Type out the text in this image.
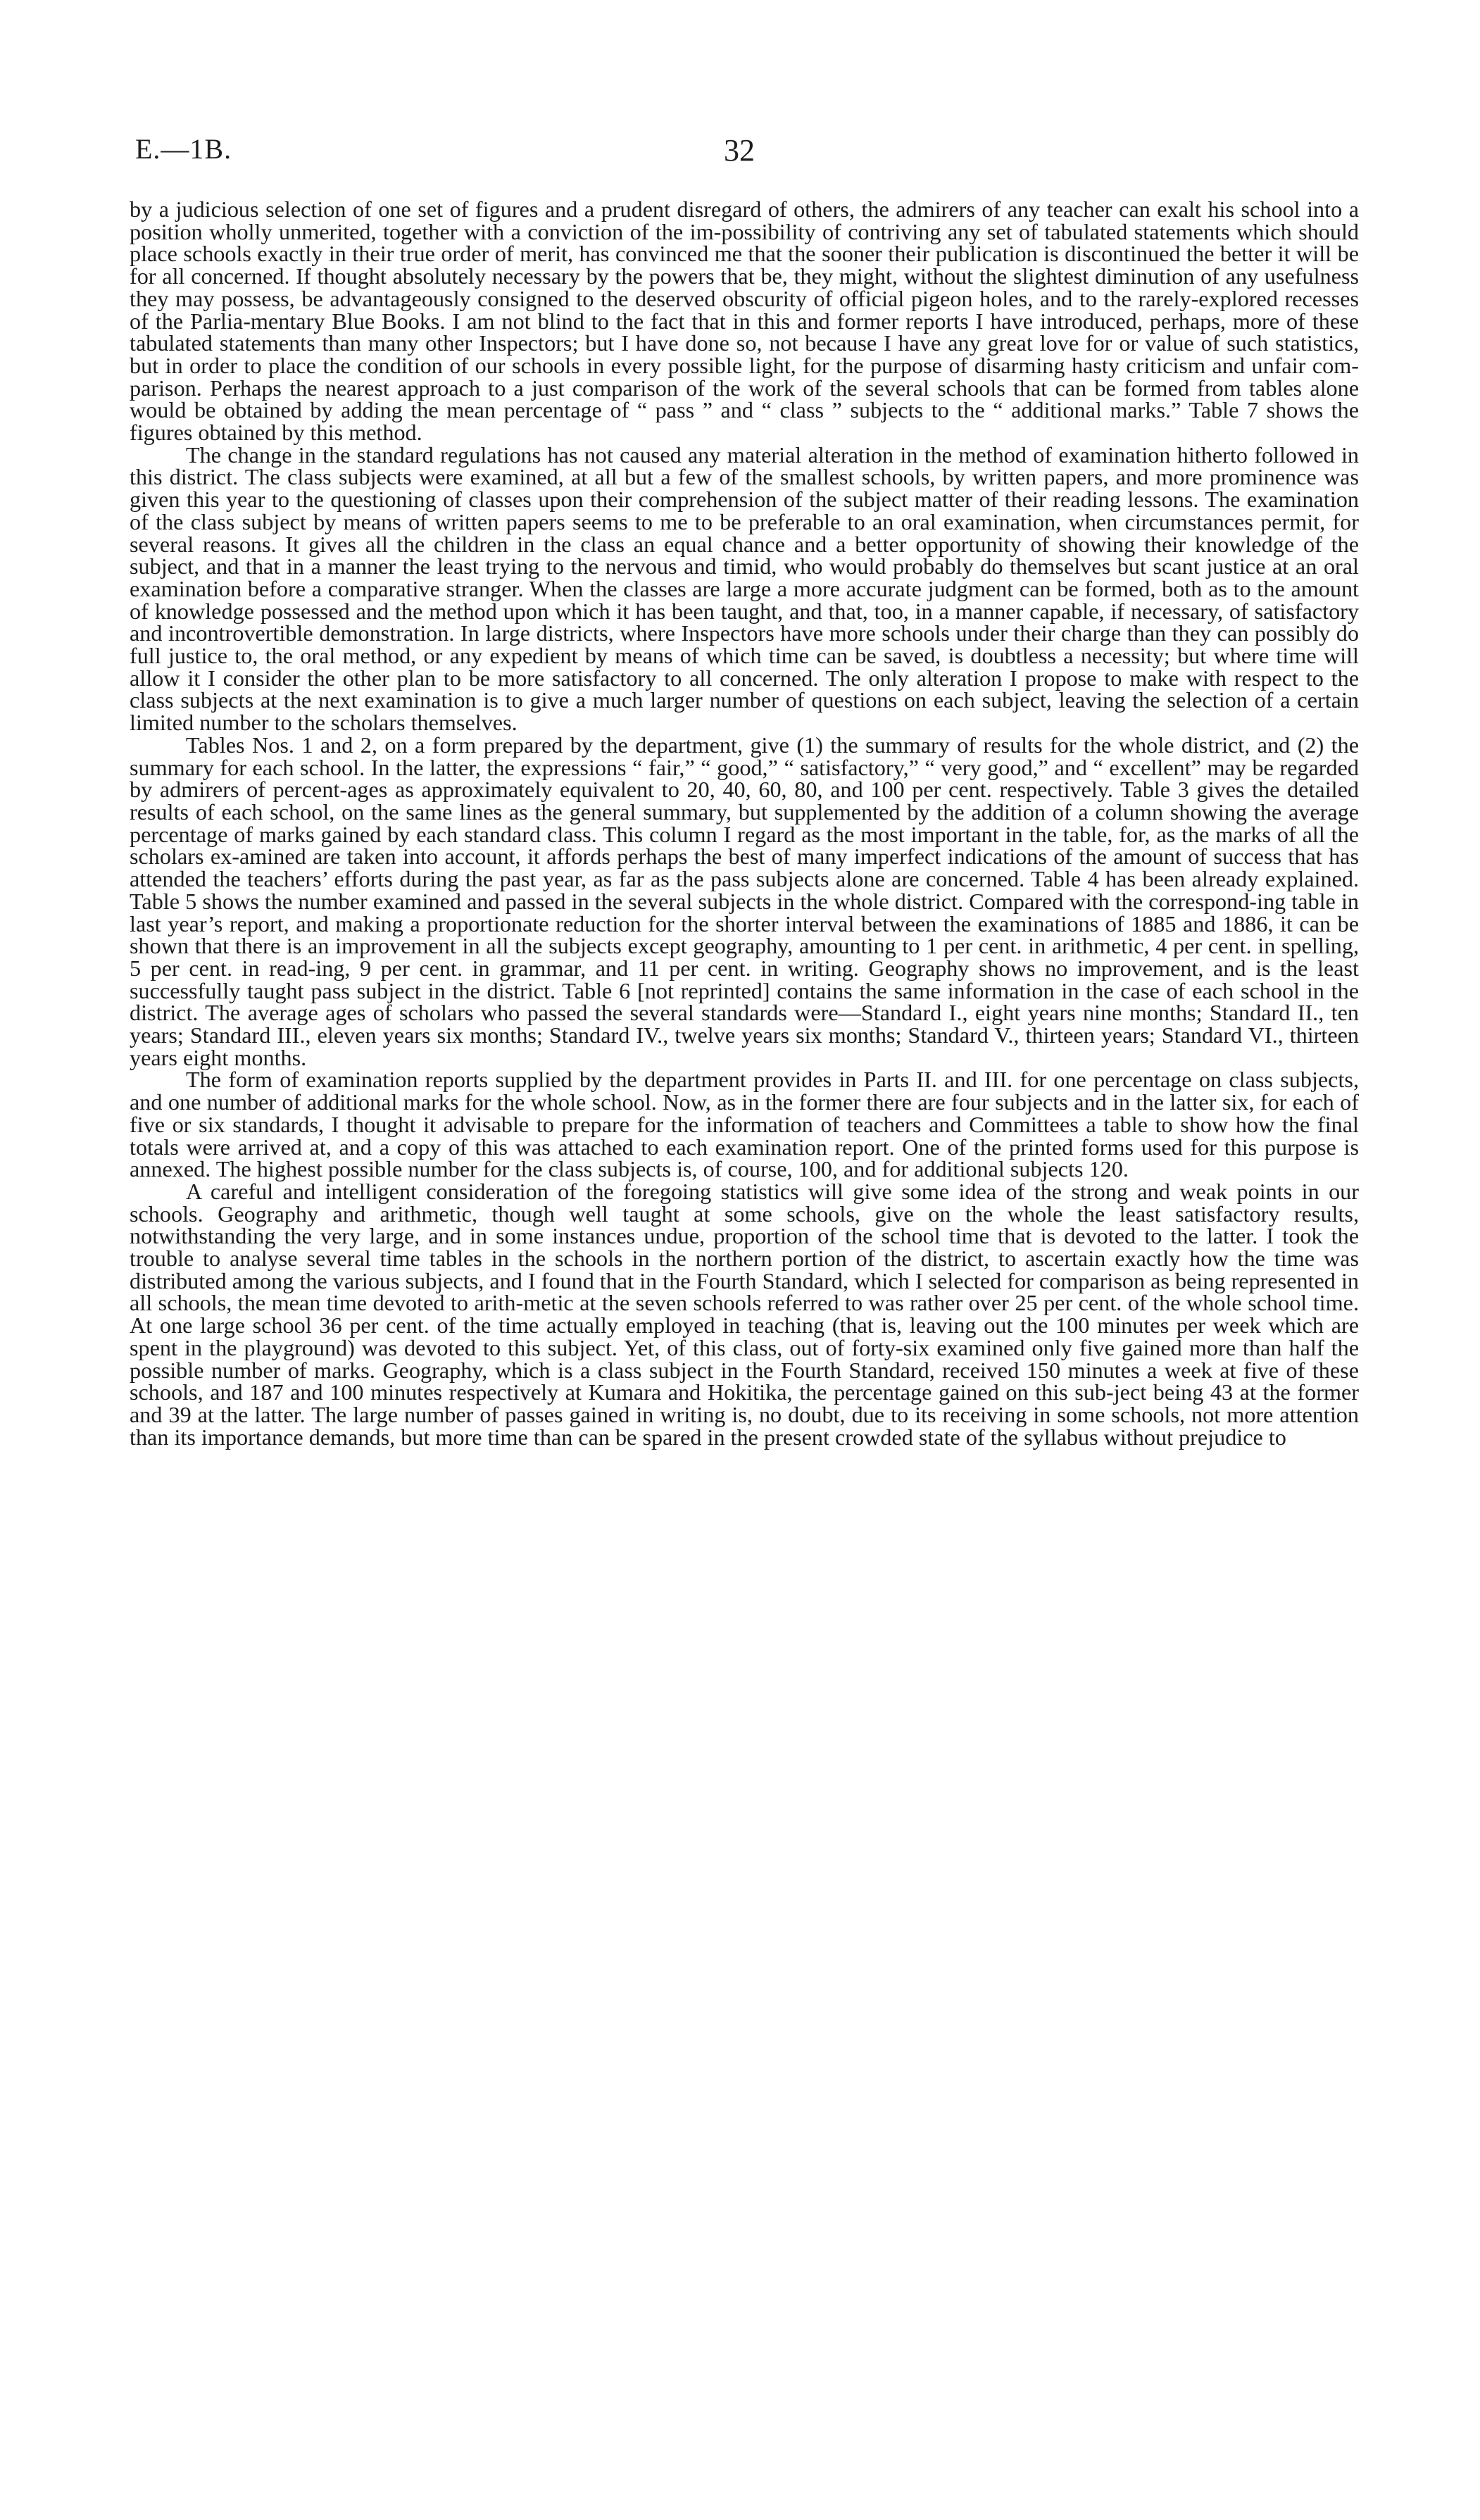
E.—1B.	32

by a judicious selection of one set of figures and a prudent disregard of others, the admirers of any teacher can exalt his school into a position wholly unmerited, together with a conviction of the im-possibility of contriving any set of tabulated statements which should place schools exactly in their true order of merit, has convinced me that the sooner their publication is discontinued the better it will be for all concerned. If thought absolutely necessary by the powers that be, they might, without the slightest diminution of any usefulness they may possess, be advantageously consigned to the deserved obscurity of official pigeon holes, and to the rarely-explored recesses of the Parlia-mentary Blue Books. I am not blind to the fact that in this and former reports I have introduced, perhaps, more of these tabulated statements than many other Inspectors; but I have done so, not because I have any great love for or value of such statistics, but in order to place the condition of our schools in every possible light, for the purpose of disarming hasty criticism and unfair com-parison. Perhaps the nearest approach to a just comparison of the work of the several schools that can be formed from tables alone would be obtained by adding the mean percentage of “ pass ” and “ class ” subjects to the “ additional marks.” Table 7 shows the figures obtained by this method.

The change in the standard regulations has not caused any material alteration in the method of examination hitherto followed in this district. The class subjects were examined, at all but a few of the smallest schools, by written papers, and more prominence was given this year to the questioning of classes upon their comprehension of the subject matter of their reading lessons. The examination of the class subject by means of written papers seems to me to be preferable to an oral examination, when circumstances permit, for several reasons. It gives all the children in the class an equal chance and a better opportunity of showing their knowledge of the subject, and that in a manner the least trying to the nervous and timid, who would probably do themselves but scant justice at an oral examination before a comparative stranger. When the classes are large a more accurate judgment can be formed, both as to the amount of knowledge possessed and the method upon which it has been taught, and that, too, in a manner capable, if necessary, of satisfactory and incontrovertible demonstration. In large districts, where Inspectors have more schools under their charge than they can possibly do full justice to, the oral method, or any expedient by means of which time can be saved, is doubtless a necessity; but where time will allow it I consider the other plan to be more satisfactory to all concerned. The only alteration I propose to make with respect to the class subjects at the next examination is to give a much larger number of questions on each subject, leaving the selection of a certain limited number to the scholars themselves.

Tables Nos. 1 and 2, on a form prepared by the department, give (1) the summary of results for the whole district, and (2) the summary for each school. In the latter, the expressions “ fair,” “ good,” “ satisfactory,” “ very good,” and “ excellent” may be regarded by admirers of percent-ages as approximately equivalent to 20, 40, 60, 80, and 100 per cent. respectively. Table 3 gives the detailed results of each school, on the same lines as the general summary, but supplemented by the addition of a column showing the average percentage of marks gained by each standard class. This column I regard as the most important in the table, for, as the marks of all the scholars ex-amined are taken into account, it affords perhaps the best of many imperfect indications of the amount of success that has attended the teachers’ efforts during the past year, as far as the pass subjects alone are concerned. Table 4 has been already explained. Table 5 shows the number examined and passed in the several subjects in the whole district. Compared with the correspond-ing table in last year’s report, and making a proportionate reduction for the shorter interval between the examinations of 1885 and 1886, it can be shown that there is an improvement in all the subjects except geography, amounting to 1 per cent. in arithmetic, 4 per cent. in spelling, 5 per cent. in read-ing, 9 per cent. in grammar, and 11 per cent. in writing. Geography shows no improvement, and is the least successfully taught pass subject in the district. Table 6 [not reprinted] contains the same information in the case of each school in the district. The average ages of scholars who passed the several standards were—Standard I., eight years nine months; Standard II., ten years; Standard III., eleven years six months; Standard IV., twelve years six months; Standard V., thirteen years; Standard VI., thirteen years eight months.

The form of examination reports supplied by the department provides in Parts II. and III. for one percentage on class subjects, and one number of additional marks for the whole school. Now, as in the former there are four subjects and in the latter six, for each of five or six standards, I thought it advisable to prepare for the information of teachers and Committees a table to show how the final totals were arrived at, and a copy of this was attached to each examination report. One of the printed forms used for this purpose is annexed. The highest possible number for the class subjects is, of course, 100, and for additional subjects 120.

A careful and intelligent consideration of the foregoing statistics will give some idea of the strong and weak points in our schools. Geography and arithmetic, though well taught at some schools, give on the whole the least satisfactory results, notwithstanding the very large, and in some instances undue, proportion of the school time that is devoted to the latter. I took the trouble to analyse several time tables in the schools in the northern portion of the district, to ascertain exactly how the time was distributed among the various subjects, and I found that in the Fourth Standard, which I selected for comparison as being represented in all schools, the mean time devoted to arith-metic at the seven schools referred to was rather over 25 per cent. of the whole school time. At one large school 36 per cent. of the time actually employed in teaching (that is, leaving out the 100 minutes per week which are spent in the playground) was devoted to this subject. Yet, of this class, out of forty-six examined only five gained more than half the possible number of marks. Geography, which is a class subject in the Fourth Standard, received 150 minutes a week at five of these schools, and 187 and 100 minutes respectively at Kumara and Hokitika, the percentage gained on this sub-ject being 43 at the former and 39 at the latter. The large number of passes gained in writing is, no doubt, due to its receiving in some schools, not more attention than its importance demands, but more time than can be spared in the present crowded state of the syllabus without prejudice to
